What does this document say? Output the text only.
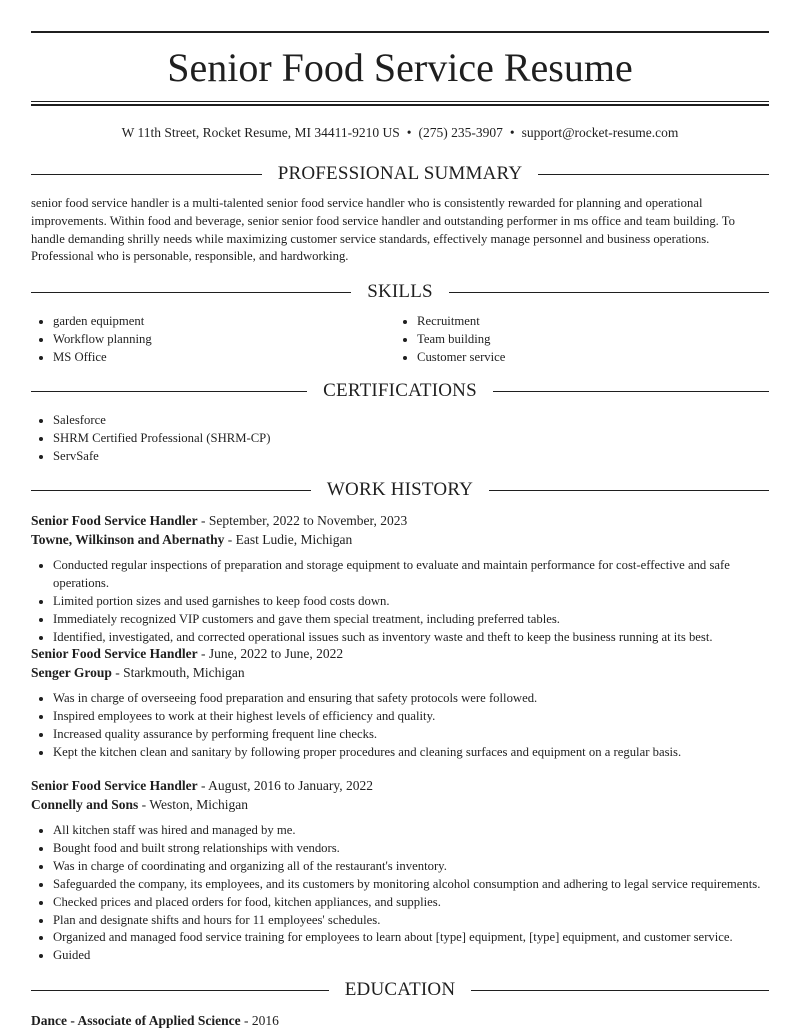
Senior Food Service Resume
W 11th Street, Rocket Resume, MI 34411-9210 US • (275) 235-3907 • support@rocket-resume.com
PROFESSIONAL SUMMARY

senior food service handler is a multi-talented senior food service handler who is consistently rewarded for planning and operational improvements. Within food and beverage, senior senior food service handler and outstanding performer in ms office and team building. To handle demanding shrilly needs while maximizing customer service standards, effectively manage personnel and business operations. Professional who is personable, responsible, and hardworking.

SKILLS
• garden equipment
• Workflow planning
• MS Office
• Recruitment
• Team building
• Customer service
CERTIFICATIONS
• Salesforce
• SHRM Certified Professional (SHRM-CP)
• ServSafe
WORK HISTORY
Senior Food Service Handler - September, 2022 to November, 2023
Towne, Wilkinson and Abernathy - East Ludie, Michigan
• Conducted regular inspections of preparation and storage equipment to evaluate and maintain performance for cost-effective and safe operations.
• Limited portion sizes and used garnishes to keep food costs down.
• Immediately recognized VIP customers and gave them special treatment, including preferred tables.
• Identified, investigated, and corrected operational issues such as inventory waste and theft to keep the business running at its best.
Senior Food Service Handler - June, 2022 to June, 2022
Senger Group - Starkmouth, Michigan
• Was in charge of overseeing food preparation and ensuring that safety protocols were followed.
• Inspired employees to work at their highest levels of efficiency and quality.
• Increased quality assurance by performing frequent line checks.
• Kept the kitchen clean and sanitary by following proper procedures and cleaning surfaces and equipment on a regular basis.
Senior Food Service Handler - August, 2016 to January, 2022
Connelly and Sons - Weston, Michigan
• All kitchen staff was hired and managed by me.
• Bought food and built strong relationships with vendors.
• Was in charge of coordinating and organizing all of the restaurant's inventory.
• Safeguarded the company, its employees, and its customers by monitoring alcohol consumption and adhering to legal service requirements.
• Checked prices and placed orders for food, kitchen appliances, and supplies.
• Plan and designate shifts and hours for 11 employees' schedules.
• Organized and managed food service training for employees to learn about [type] equipment, [type] equipment, and customer service.
• Guided
EDUCATION
Dance - Associate of Applied Science - 2016
